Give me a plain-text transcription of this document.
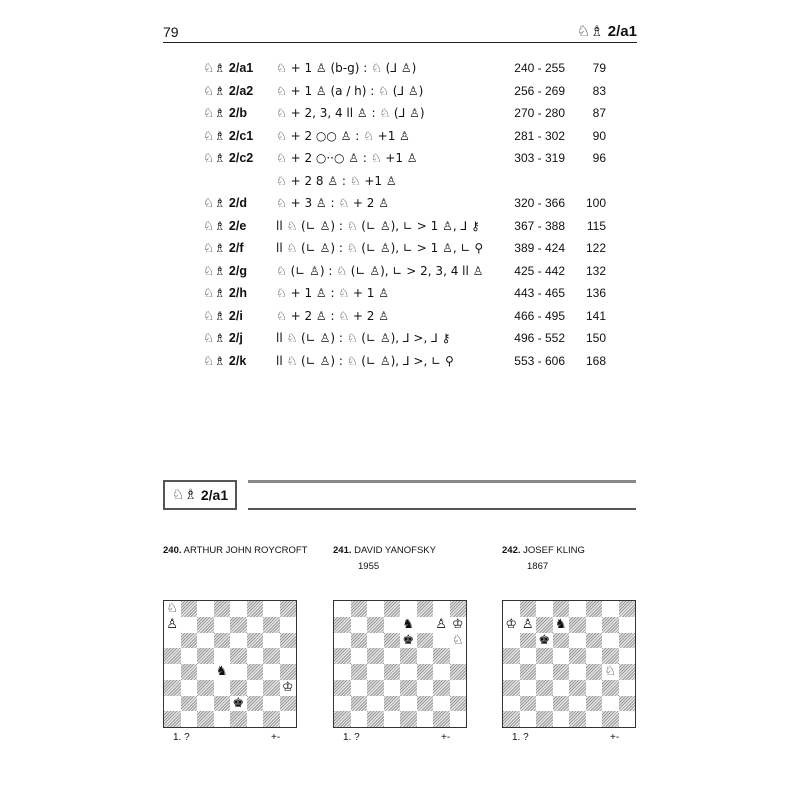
79	♘♗ 2/a1
♘♗ 2/a1 ♘ + 1 ♙ (b-g) : ♘ (⅃ ♙)	240 - 255 79
♘♗ 2/a2 ♘ + 1 ♙ (a / h) : ♘ (⅃ ♙)	256 - 269 83
♘♗ 2/b ♘ + 2, 3, 4 ll ♙ : ♘ (⅃ ♙)	270 - 280 87
♘♗ 2/c1 ♘ + 2 ○○ ♙ : ♘ +1 ♙	281 - 302 90
♘♗ 2/c2 ♘ + 2 ○··○ ♙ : ♘ +1 ♙	303 - 319 96
♘ + 2 8 ♙ : ♘ +1 ♙
♘♗ 2/d ♘ + 3 ♙ : ♘ + 2 ♙	320 - 366 100
♘♗ 2/e ll ♘ (∟ ♙) : ♘ (∟ ♙), ∟ > 1 ♙, ⅃ ⚷	367 - 388 115
♘♗ 2/f	ll ♘ (∟ ♙) : ♘ (∟ ♙), ∟ > 1 ♙, ∟ ⚲	389 - 424 122
♘♗ 2/g ♘ (∟ ♙) : ♘ (∟ ♙), ∟ > 2, 3, 4 ll ♙	425 - 442 132
♘♗ 2/h ♘ + 1 ♙ : ♘ + 1 ♙	443 - 465 136
♘♗ 2/i	♘ + 2 ♙ : ♘ + 2 ♙	466 - 495 141
♘♗ 2/j	ll ♘ (∟ ♙) : ♘ (∟ ♙), ⅃ >, ⅃ ⚷	496 - 552 150
♘♗ 2/k ll ♘ (∟ ♙) : ♘ (∟ ♙), ⅃ >, ∟ ⚲	553 - 606 168
♘♗
2/a1
240. ARTHUR JOHN ROYCROFT
♘
♙
♞
♔
♚
1. ?	+-
241. DAVID YANOFSKY
1955
♞ ♙ ♔
♚	♘
1. ?	+-
242. JOSEF KLING
1867
♔ ♙ ♞
♚
♘
1. ?	+-
